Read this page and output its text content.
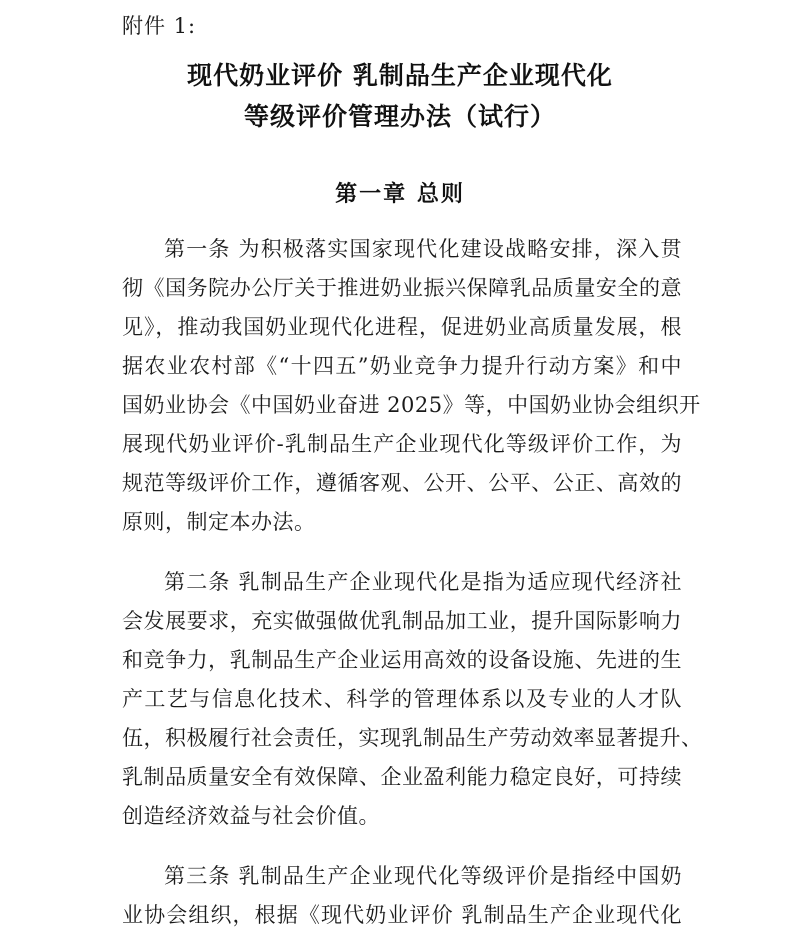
附件 1:
现代奶业评价 乳制品生产企业现代化
等级评价管理办法（试行）
第一章 总则
第一条 为积极落实国家现代化建设战略安排，深入贯
彻《国务院办公厅关于推进奶业振兴保障乳品质量安全的意
见》，推动我国奶业现代化进程，促进奶业高质量发展，根
据农业农村部《“十四五”奶业竞争力提升行动方案》和中
国奶业协会《中国奶业奋进 2025》等，中国奶业协会组织开
展现代奶业评价-乳制品生产企业现代化等级评价工作，为
规范等级评价工作，遵循客观、公开、公平、公正、高效的
原则，制定本办法。
第二条 乳制品生产企业现代化是指为适应现代经济社
会发展要求，充实做强做优乳制品加工业，提升国际影响力
和竞争力，乳制品生产企业运用高效的设备设施、先进的生
产工艺与信息化技术、科学的管理体系以及专业的人才队
伍，积极履行社会责任，实现乳制品生产劳动效率显著提升、
乳制品质量安全有效保障、企业盈利能力稳定良好，可持续
创造经济效益与社会价值。
第三条 乳制品生产企业现代化等级评价是指经中国奶
业协会组织，根据《现代奶业评价 乳制品生产企业现代化
